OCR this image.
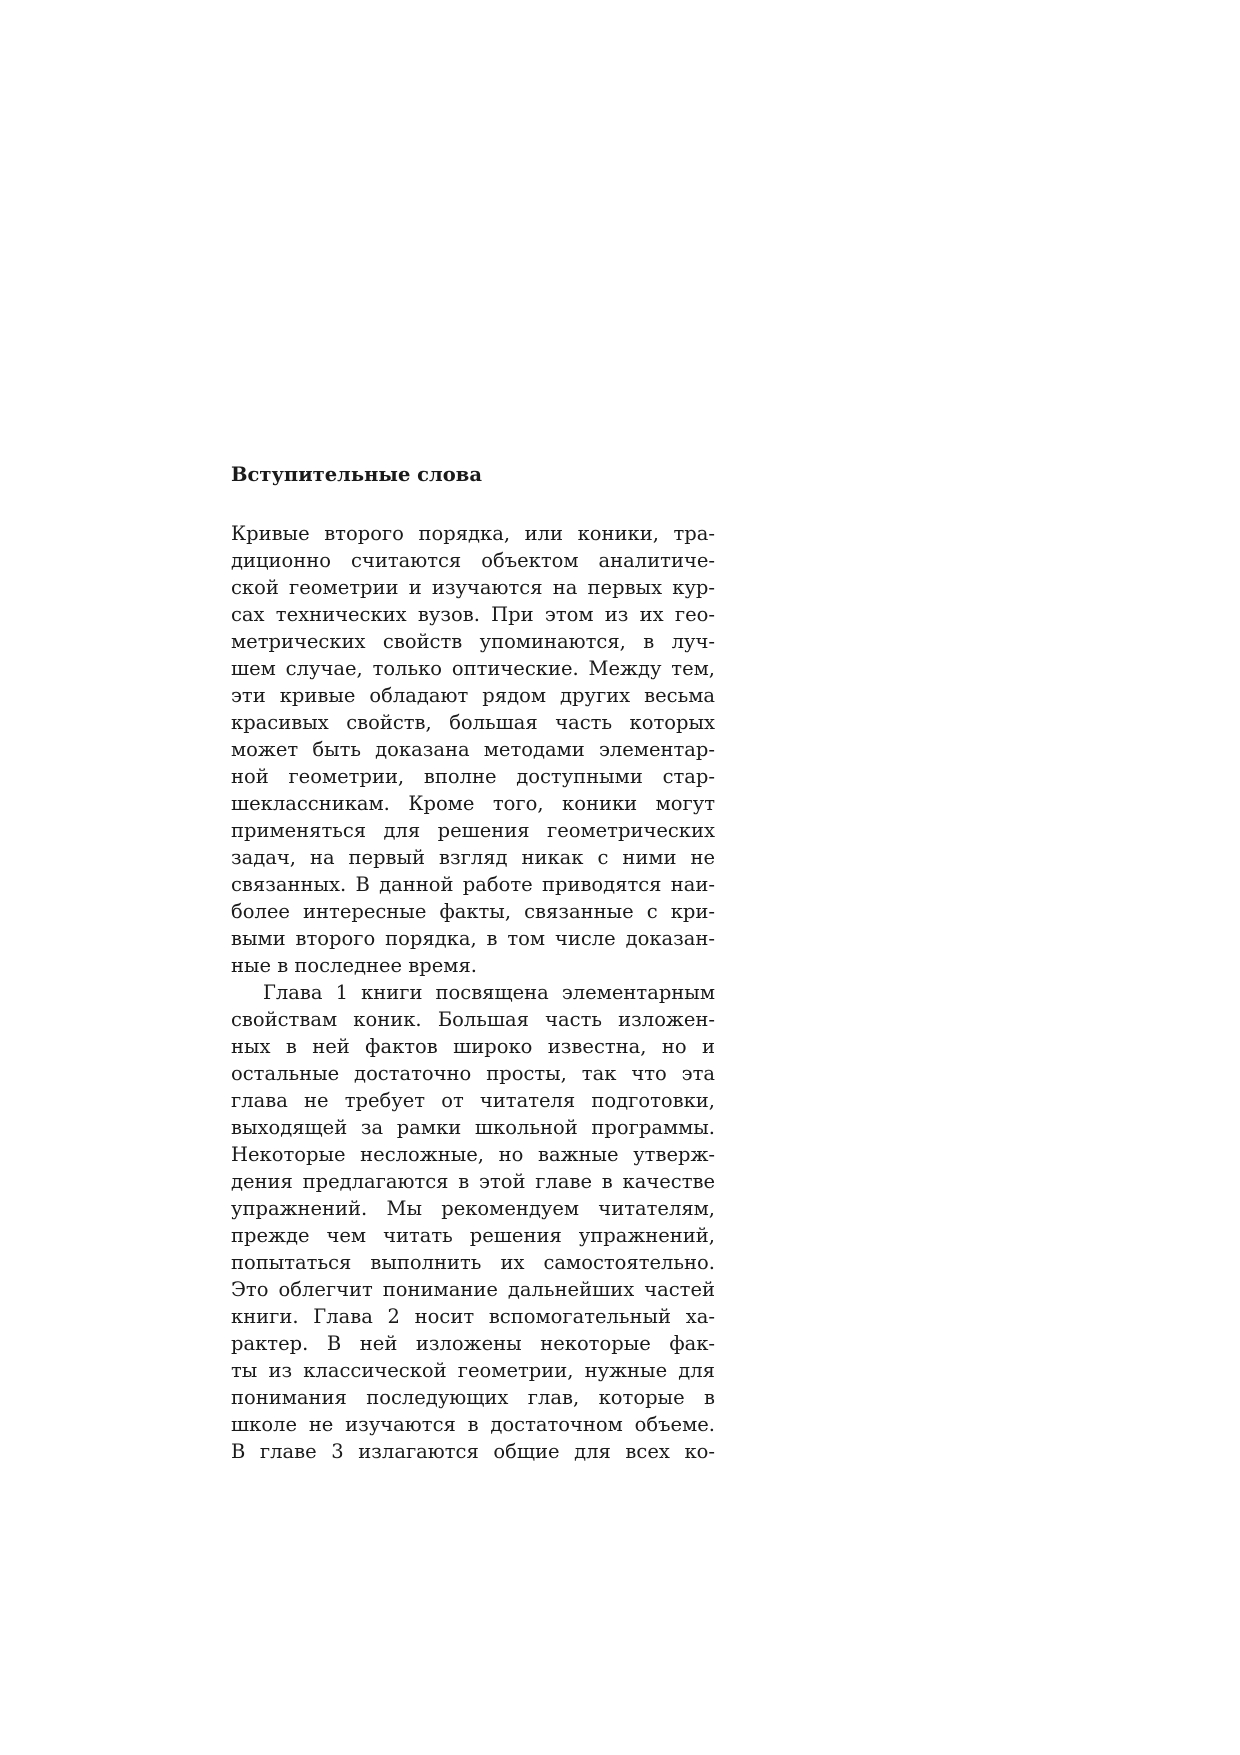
Вступительные слова
Кривые второго порядка, или коники, тра-
диционно считаются объектом аналитиче-
ской геометрии и изучаются на первых кур-
сах технических вузов. При этом из их гео-
метрических свойств упоминаются, в луч-
шем случае, только оптические. Между тем,
эти кривые обладают рядом других весьма
красивых свойств, большая часть которых
может быть доказана методами элементар-
ной геометрии, вполне доступными стар-
шеклассникам. Кроме того, коники могут
применяться для решения геометрических
задач, на первый взгляд никак с ними не
связанных. В данной работе приводятся наи-
более интересные факты, связанные с кри-
выми второго порядка, в том числе доказан-
ные в последнее время.
Глава 1 книги посвящена элементарным
свойствам коник. Большая часть изложен-
ных в ней фактов широко известна, но и
остальные достаточно просты, так что эта
глава не требует от читателя подготовки,
выходящей за рамки школьной программы.
Некоторые несложные, но важные утверж-
дения предлагаются в этой главе в качестве
упражнений. Мы рекомендуем читателям,
прежде чем читать решения упражнений,
попытаться выполнить их самостоятельно.
Это облегчит понимание дальнейших частей
книги. Глава 2 носит вспомогательный ха-
рактер. В ней изложены некоторые фак-
ты из классической геометрии, нужные для
понимания последующих глав, которые в
школе не изучаются в достаточном объеме.
В главе 3 излагаются общие для всех ко-
